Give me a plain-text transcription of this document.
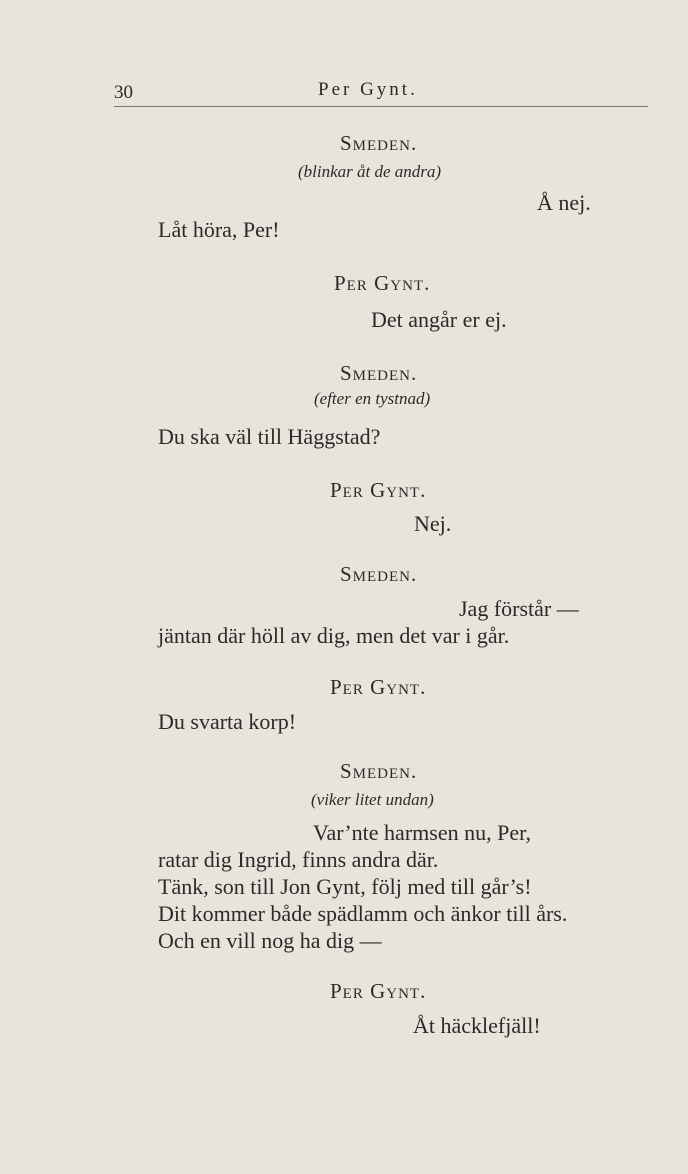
30	Per Gynt.
Smeden.
(blinkar åt de andra)
Å nej.
Låt höra, Per!
Per Gynt.
Det angår er ej.
Smeden.
(efter en tystnad)
Du ska väl till Häggstad?
Per Gynt.
Nej.
Smeden.
Jag förstår —
jäntan där höll av dig, men det var i går.
Per Gynt.
Du svarta korp!
Smeden.
(viker litet undan)
Var’nte harmsen nu, Per,
ratar dig Ingrid, finns andra där.
Tänk, son till Jon Gynt, följ med till går’s!
Dit kommer både spädlamm och änkor till års.
Och en vill nog ha dig —
Per Gynt.
Åt häcklefjäll!
